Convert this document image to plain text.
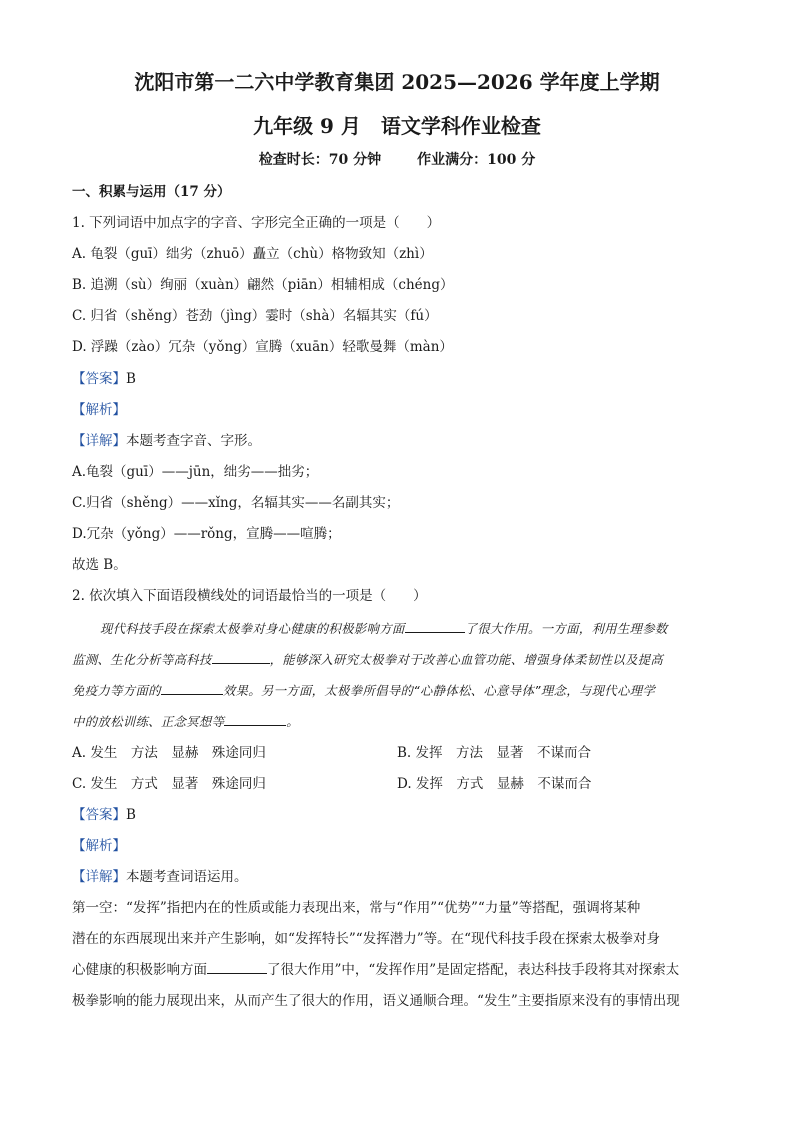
沈阳市第一二六中学教育集团 2025—2026 学年度上学期
九年级 9 月　语文学科作业检查
检查时长：70 分钟	作业满分：100 分
一、积累与运用（17 分）
1. 下列词语中加点字的字音、字形完全正确的一项是（　　）
A. 龟裂（guī）绌劣（zhuō）矗立（chù）格物致知（zhì）
B. 追溯（sù）绚丽（xuàn）翩然（piān）相辅相成（chéng）
C. 归省（shěng）苍劲（jìng）霎时（shà）名辐其实（fú）
D. 浮躁（zào）冗杂（yǒng）宣腾（xuān）轻歌曼舞（màn）
【答案】B
【解析】
【详解】本题考查字音、字形。
A.龟裂（guī）——jūn，绌劣——拙劣；
C.归省（shěng）——xǐng，名辐其实——名副其实；
D.冗杂（yǒng）——rǒng，宣腾——喧腾；
故选 B。
2. 依次填入下面语段横线处的词语最恰当的一项是（　　）
现代科技手段在探索太极拳对身心健康的积极影响方面	了很大作用。一方面，利用生理参数
监测、生化分析等高科技	，能够深入研究太极拳对于改善心血管功能、增强身体柔韧性以及提高
免疫力等方面的	效果。另一方面，太极拳所倡导的“心静体松、心意导体”理念，与现代心理学
中的放松训练、正念冥想等	。
A. 发生　方法　显赫　殊途同归	B. 发挥　方法　显著　不谋而合
C. 发生　方式　显著　殊途同归	D. 发挥　方式　显赫　不谋而合
【答案】B
【解析】
【详解】本题考查词语运用。
第一空：“发挥”指把内在的性质或能力表现出来，常与“作用”“优势”“力量”等搭配，强调将某种
潜在的东西展现出来并产生影响，如“发挥特长”“发挥潜力”等。在“现代科技手段在探索太极拳对身
心健康的积极影响方面	了很大作用”中，“发挥作用”是固定搭配，表达科技手段将其对探索太
极拳影响的能力展现出来，从而产生了很大的作用，语义通顺合理。“发生”主要指原来没有的事情出现
